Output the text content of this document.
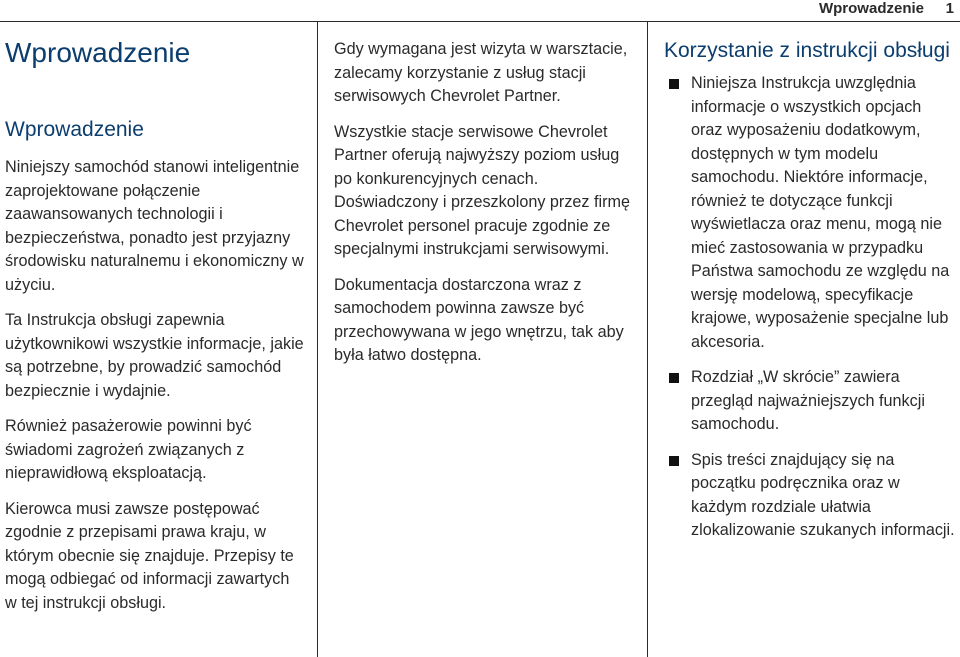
Wprowadzenie 1
Wprowadzenie
Wprowadzenie

Niniejszy samochód stanowi inteligentnie zaprojektowane połączenie zaawansowanych technologii i bezpieczeństwa, ponadto jest przyjazny środowisku naturalnemu i ekonomiczny w użyciu.

Ta Instrukcja obsługi zapewnia użytkownikowi wszystkie informacje, jakie są potrzebne, by prowadzić samochód bezpiecznie i wydajnie.

Również pasażerowie powinni być świadomi zagrożeń związanych z nieprawidłową eksploatacją.

Kierowca musi zawsze postępować zgodnie z przepisami prawa kraju, w którym obecnie się znajduje. Przepisy te mogą odbiegać od informacji zawartych w tej instrukcji obsługi.

Gdy wymagana jest wizyta w warsztacie, zalecamy korzystanie z usług stacji serwisowych Chevrolet Partner.

Wszystkie stacje serwisowe Chevrolet Partner oferują najwyższy poziom usług po konkurencyjnych cenach. Doświadczony i przeszkolony przez firmę Chevrolet personel pracuje zgodnie ze specjalnymi instrukcjami serwisowymi.

Dokumentacja dostarczona wraz z samochodem powinna zawsze być przechowywana w jego wnętrzu, tak aby była łatwo dostępna.

Korzystanie z instrukcji obsługi
Niniejsza Instrukcja uwzględnia informacje o wszystkich opcjach oraz wyposażeniu dodatkowym, dostępnych w tym modelu samochodu. Niektóre informacje, również te dotyczące funkcji wyświetlacza oraz menu, mogą nie mieć zastosowania w przypadku Państwa samochodu ze względu na wersję modelową, specyfikacje krajowe, wyposażenie specjalne lub akcesoria.
Rozdział „W skrócie” zawiera przegląd najważniejszych funkcji samochodu.
Spis treści znajdujący się na początku podręcznika oraz w każdym rozdziale ułatwia zlokalizowanie szukanych informacji.
